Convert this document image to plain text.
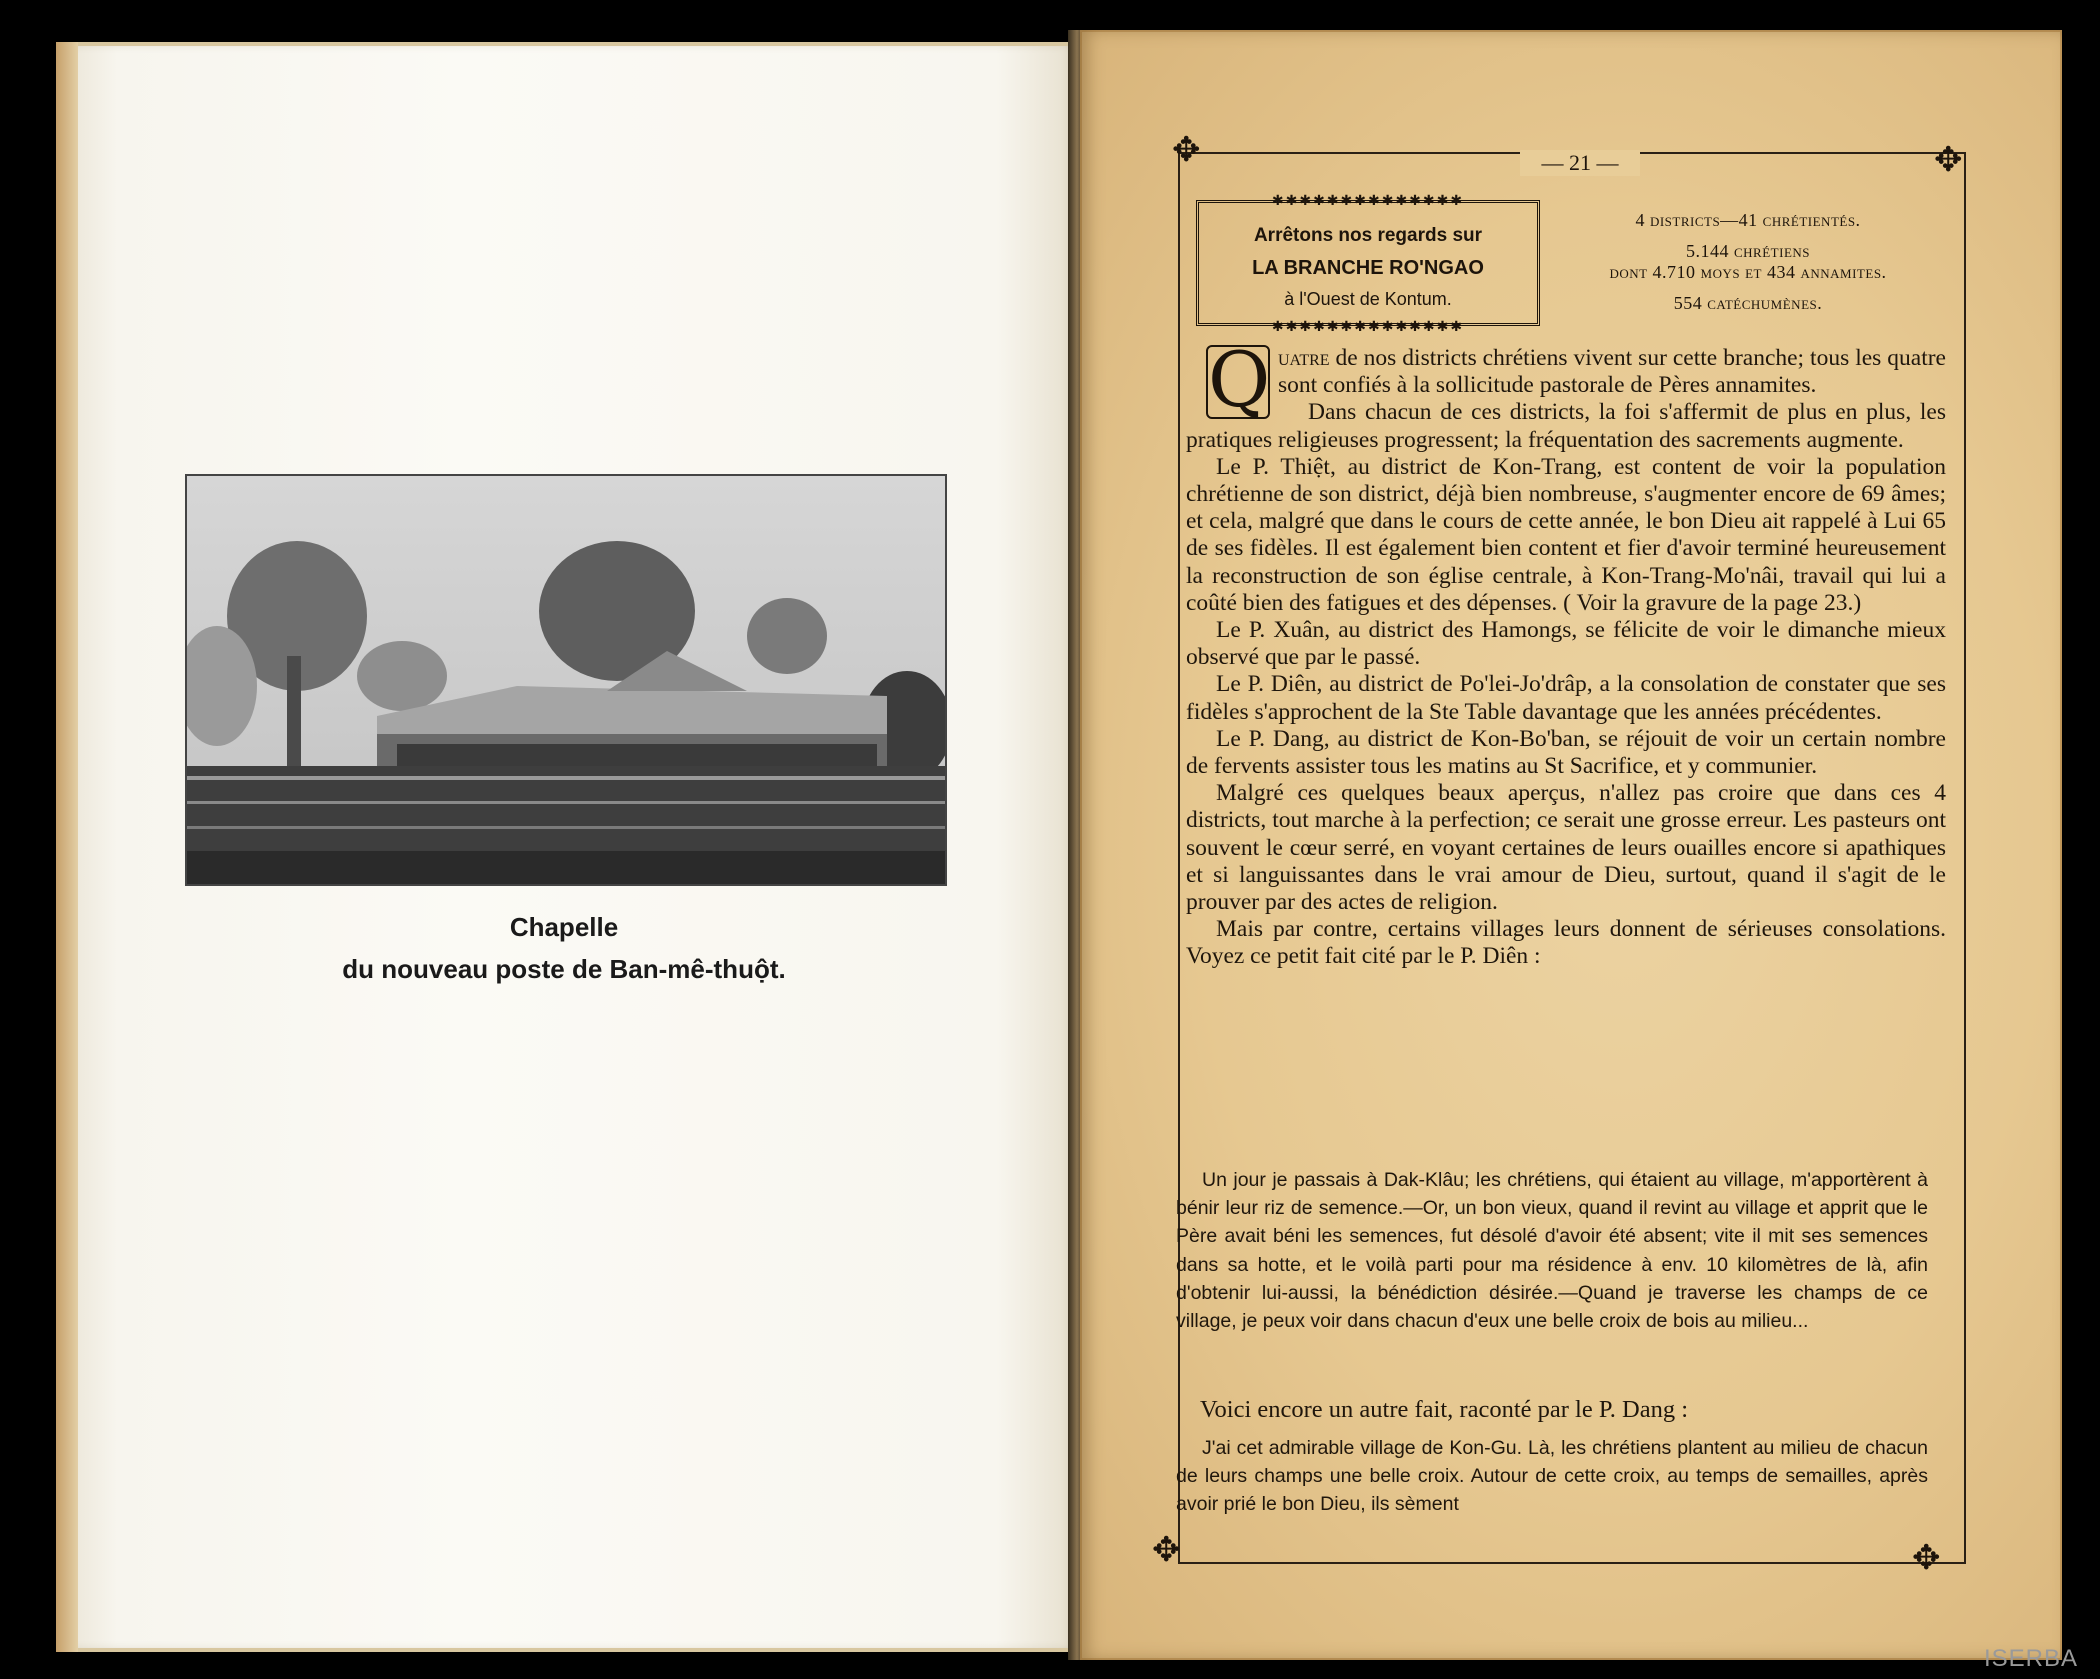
Chapelle
du nouveau poste de Ban-mê-thuột.
✥	✥
✥	✥
— 21 —
✱✱✱✱✱✱✱✱✱✱✱✱✱✱
Arrêtons nos regards sur
LA BRANCHE RO'NGAO
à l'Ouest de Kontum.
✱✱✱✱✱✱✱✱✱✱✱✱✱✱
4 districts—41 chrétientés.
5.144 chrétiens
dont 4.710 moys et 434 annamites.
554 catéchumènes.

Q uatre de nos districts chrétiens vivent sur cette branche; tous les quatre sont confiés à la sollicitude pastorale de Pères annamites.

Dans chacun de ces districts, la foi s'affermit de plus en plus, les pratiques religieuses progressent; la fréquentation des sacrements augmente.

Le P. Thiệt, au district de Kon-Trang, est content de voir la population chrétienne de son district, déjà bien nombreuse, s'augmenter encore de 69 âmes; et cela, malgré que dans le cours de cette année, le bon Dieu ait rappelé à Lui 65 de ses fidèles. Il est également bien content et fier d'avoir terminé heureusement la reconstruction de son église centrale, à Kon-Trang-Mo'nâi, travail qui lui a coûté bien des fatigues et des dépenses. ( Voir la gravure de la page 23.)

Le P. Xuân, au district des Hamongs, se félicite de voir le dimanche mieux observé que par le passé.

Le P. Diên, au district de Po'lei-Jo'drâp, a la consolation de constater que ses fidèles s'approchent de la Ste Table davantage que les années précédentes.

Le P. Dang, au district de Kon-Bo'ban, se réjouit de voir un certain nombre de fervents assister tous les matins au St Sacrifice, et y communier.

Malgré ces quelques beaux aperçus, n'allez pas croire que dans ces 4 districts, tout marche à la perfection; ce serait une grosse erreur. Les pasteurs ont souvent le cœur serré, en voyant certaines de leurs ouailles encore si apathiques et si languissantes dans le vrai amour de Dieu, surtout, quand il s'agit de le prouver par des actes de religion.

Mais par contre, certains villages leurs donnent de sérieuses consolations. Voyez ce petit fait cité par le P. Diên :

Un jour je passais à Dak-Klâu; les chrétiens, qui étaient au village, m'apportèrent à bénir leur riz de semence.—Or, un bon vieux, quand il revint au village et apprit que le Père avait béni les semences, fut désolé d'avoir été absent; vite il mit ses semences dans sa hotte, et le voilà parti pour ma résidence à env. 10 kilomètres de là, afin d'obtenir lui-aussi, la bénédiction désirée.—Quand je traverse les champs de ce village, je peux voir dans chacun d'eux une belle croix de bois au milieu...

Voici encore un autre fait, raconté par le P. Dang :

J'ai cet admirable village de Kon-Gu. Là, les chrétiens plantent au milieu de chacun de leurs champs une belle croix. Autour de cette croix, au temps de semailles, après avoir prié le bon Dieu, ils sèment

ISERBA
